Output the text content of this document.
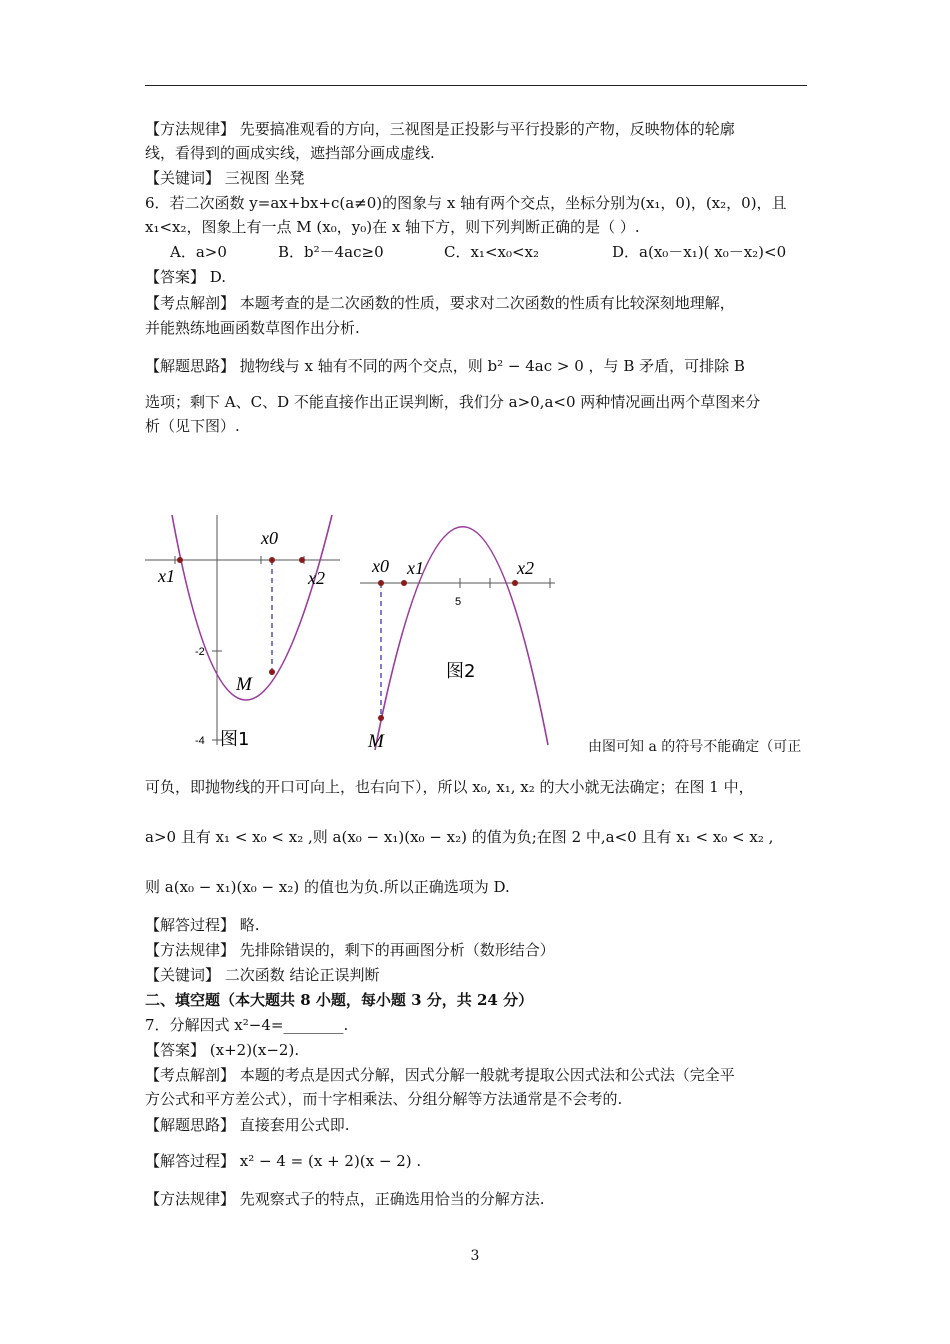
【方法规律】 先要搞准观看的方向，三视图是正投影与平行投影的产物，反映物体的轮廓
线，看得到的画成实线，遮挡部分画成虚线.
【关键词】 三视图 坐凳
6．若二次函数 y=ax+bx+c(a≠0)的图象与 x 轴有两个交点，坐标分别为(x₁，0)，(x₂，0)，且
x₁<x₂，图象上有一点 M (x₀，y₀)在 x 轴下方，则下列判断正确的是（ ）.
A．a>0	B．b²－4ac≥0	C．x₁<x₀<x₂	D．a(x₀－x₁)( x₀－x₂)<0
【答案】 D.
【考点解剖】 本题考查的是二次函数的性质，要求对二次函数的性质有比较深刻地理解，
并能熟练地画函数草图作出分析.
【解题思路】 抛物线与 x 轴有不同的两个交点，则 b² − 4ac > 0 ，与 B 矛盾，可排除 B
选项；剩下 A、C、D 不能直接作出正误判断，我们分 a>0,a<0 两种情况画出两个草图来分
析（见下图）.
x1
x0
x2
M
-2
-4 图1
x0 x1	x2
5
M
图2
由图可知 a 的符号不能确定（可正
可负，即抛物线的开口可向上，也右向下），所以 x₀, x₁, x₂ 的大小就无法确定；在图 1 中，
a>0 且有 x₁ < x₀ < x₂ ,则 a(x₀ − x₁)(x₀ − x₂) 的值为负;在图 2 中,a<0 且有 x₁ < x₀ < x₂ ,
则 a(x₀ − x₁)(x₀ − x₂) 的值也为负.所以正确选项为 D.
【解答过程】 略.
【方法规律】 先排除错误的，剩下的再画图分析（数形结合）
【关键词】 二次函数 结论正误判断
二、填空题（本大题共 8 小题，每小题 3 分，共 24 分）
7．分解因式 x²−4=________.
【答案】 (x+2)(x−2).
【考点解剖】 本题的考点是因式分解，因式分解一般就考提取公因式法和公式法（完全平
方公式和平方差公式），而十字相乘法、分组分解等方法通常是不会考的.
【解题思路】 直接套用公式即.
【解答过程】 x² − 4 = (x + 2)(x − 2) .
【方法规律】 先观察式子的特点，正确选用恰当的分解方法.
3
